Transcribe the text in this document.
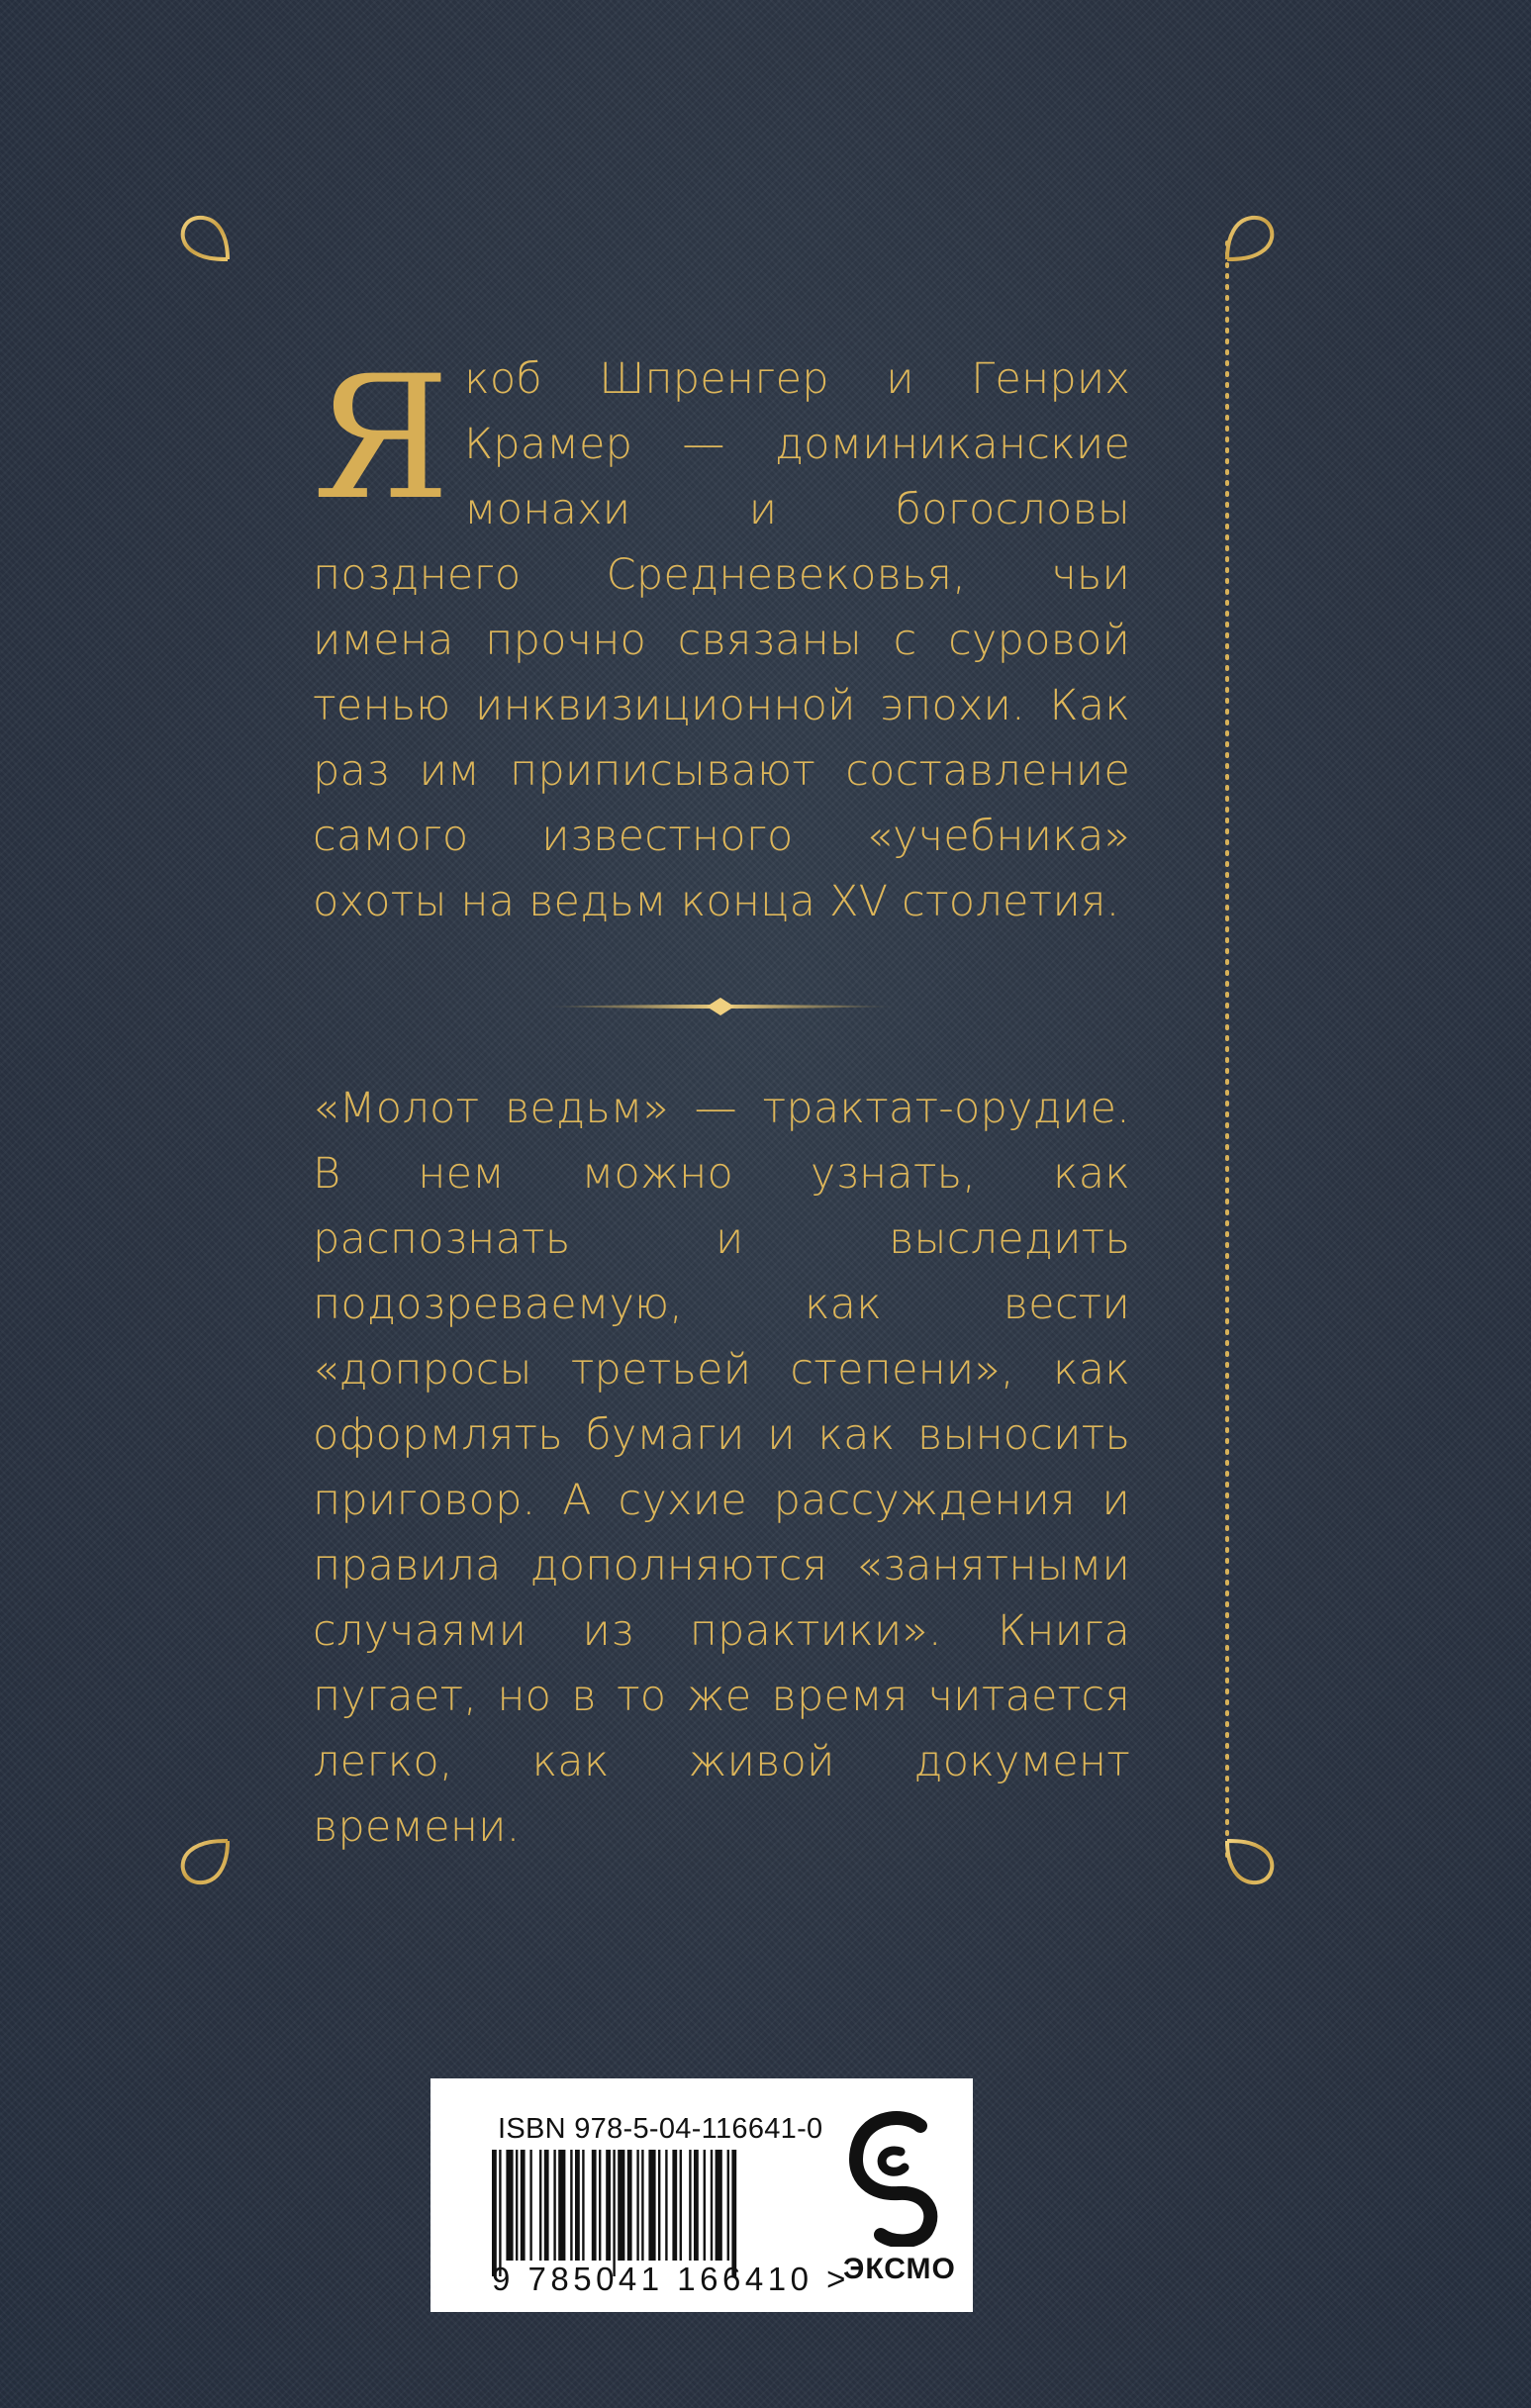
Якоб Шпренгер и Генрих Крамер — доминиканские монахи и богословы позднего Средневековья, чьи имена прочно связаны с суровой тенью инквизиционной эпохи. Как раз им приписывают составление самого известного «учебника» охоты на ведьм конца XV столетия.
«Молот ведьм» — трактат-орудие. В нем можно узнать, как распознать и выследить подозреваемую, как вести «допросы третьей степени», как оформлять бумаги и как выносить приговор. А сухие рассуждения и правила дополняются «занятными случаями из практики». Книга пугает, но в то же время читается легко, как живой документ времени.
ISBN 978-5-04-116641-0
9 785041 166410 >
ЭКСМО
